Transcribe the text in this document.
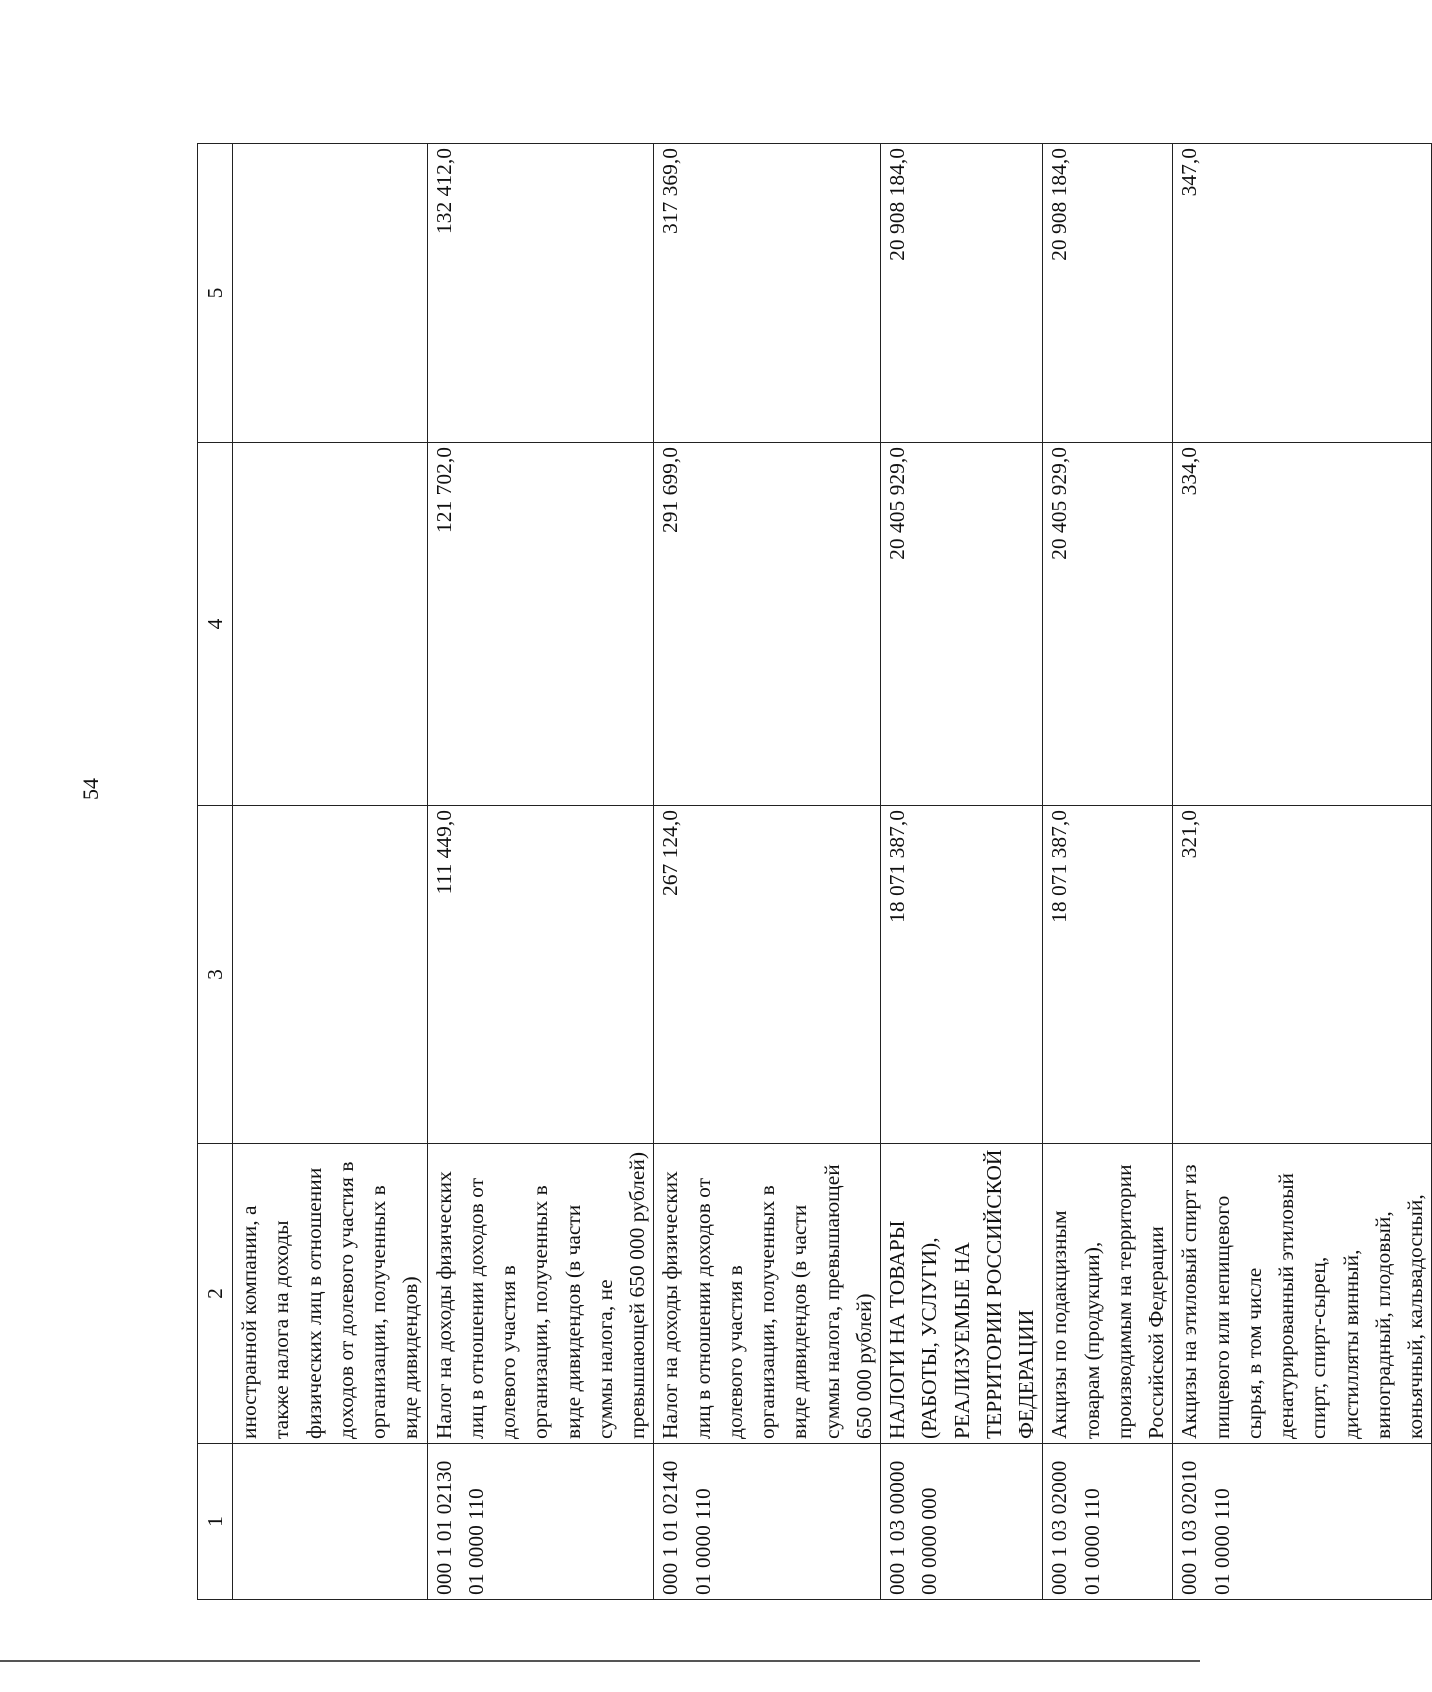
54
1	2	3	4	5
	иностранной компании, а также налога на доходы физических лиц в отношении доходов от долевого участия в организации, полученных в виде дивидендов)			
000 1 01 02130 01 0000 110	Налог на доходы физических лиц в отношении доходов от долевого участия в организации, полученных в виде дивидендов (в части суммы налога, не превышающей 650 000 рублей)	111 449,0	121 702,0	132 412,0
000 1 01 02140 01 0000 110	Налог на доходы физических лиц в отношении доходов от долевого участия в организации, полученных в виде дивидендов (в части суммы налога, превышающей 650 000 рублей)	267 124,0	291 699,0	317 369,0
000 1 03 00000 00 0000 000	НАЛОГИ НА ТОВАРЫ (РАБОТЫ, УСЛУГИ), РЕАЛИЗУЕМЫЕ НА ТЕРРИТОРИИ РОССИЙСКОЙ ФЕДЕРАЦИИ	18 071 387,0	20 405 929,0	20 908 184,0
000 1 03 02000 01 0000 110	Акцизы по подакцизным товарам (продукции), производимым на территории Российской Федерации	18 071 387,0	20 405 929,0	20 908 184,0
000 1 03 02010 01 0000 110	Акцизы на этиловый спирт из пищевого или непищевого сырья, в том числе денатурированный этиловый спирт, спирт-сырец, дистилляты винный, виноградный, плодовый, коньячный, кальвадосный,	321,0	334,0	347,0
